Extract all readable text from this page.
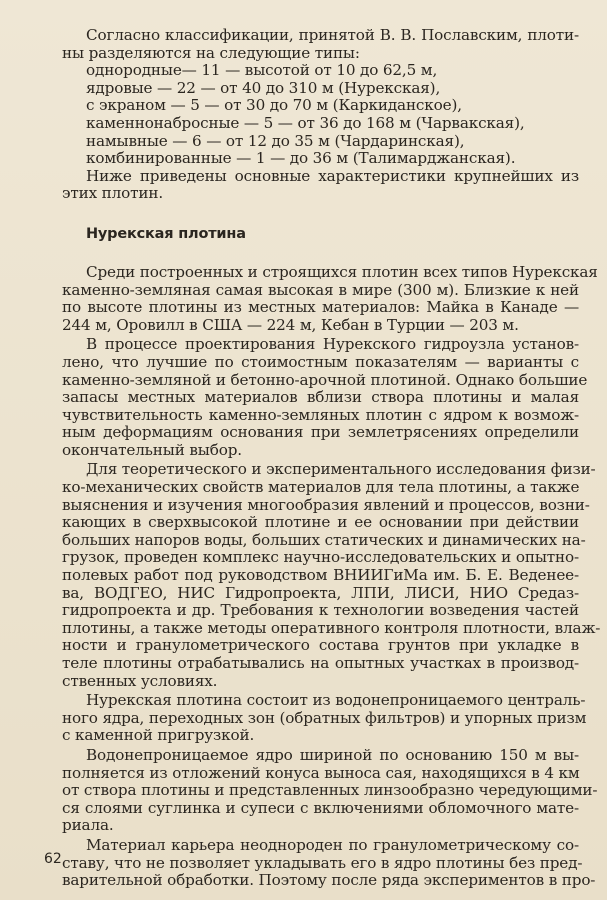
Согласно классификации, принятой В. В. Пославским, плоти-
ны разделяются на следующие типы:
однородные— 11 — высотой от 10 до 62,5 м,
ядровые — 22 — от 40 до 310 м (Нурекская),
с экраном — 5 — от 30 до 70 м (Каркиданское),
каменнонабросные — 5 — от 36 до 168 м (Чарвакская),
намывные — 6 — от 12 до 35 м (Чардаринская),
комбинированные — 1 — до 36 м (Талимарджанская).
Ниже приведены основные характеристики крупнейших из
этих плотин.
Нурекская плотина
Среди построенных и строящихся плотин всех типов Нурекская
каменно-земляная самая высокая в мире (300 м). Близкие к ней
по высоте плотины из местных материалов: Майка в Канаде —
244 м, Оровилл в США — 224 м, Кебан в Турции — 203 м.
В процессе проектирования Нурекского гидроузла установ-
лено, что лучшие по стоимостным показателям — варианты с
каменно-земляной и бетонно-арочной плотиной. Однако большие
запасы местных материалов вблизи створа плотины и малая
чувствительность каменно-земляных плотин с ядром к возмож-
ным деформациям основания при землетрясениях определили
окончательный выбор.
Для теоретического и экспериментального исследования физи-
ко-механических свойств материалов для тела плотины, а также
выяснения и изучения многообразия явлений и процессов, возни-
кающих в сверхвысокой плотине и ее основании при действии
больших напоров воды, больших статических и динамических на-
грузок, проведен комплекс научно-исследовательских и опытно-
полевых работ под руководством ВНИИГиМа им. Б. Е. Веденее-
ва, ВОДГЕО, НИС Гидропроекта, ЛПИ, ЛИСИ, НИО Средаз-
гидропроекта и др. Требования к технологии возведения частей
плотины, а также методы оперативного контроля плотности, влаж-
ности и гранулометрического состава грунтов при укладке в
теле плотины отрабатывались на опытных участках в производ-
ственных условиях.
Нурекская плотина состоит из водонепроницаемого централь-
ного ядра, переходных зон (обратных фильтров) и упорных призм
с каменной пригрузкой.
Водонепроницаемое ядро шириной по основанию 150 м вы-
полняется из отложений конуса выноса сая, находящихся в 4 км
от створа плотины и представленных линзообразно чередующими-
ся слоями суглинка и супеси с включениями обломочного мате-
риала.
Материал карьера неоднороден по гранулометрическому со-
ставу, что не позволяет укладывать его в ядро плотины без пред-
варительной обработки. Поэтому после ряда экспериментов в про-
62
